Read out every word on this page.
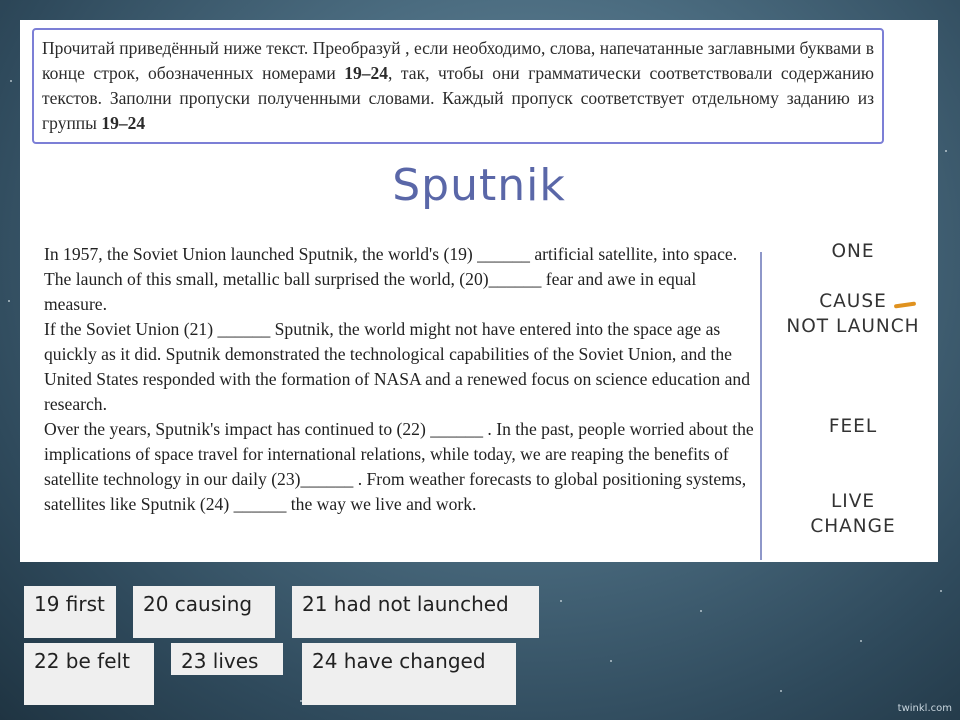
Прочитай приведённый ниже текст. Преобразуй , если необходимо, слова, напечатанные заглавными буквами в конце строк, обозначенных номерами 19–24, так, чтобы они грамматически соответствовали содержанию текстов. Заполни пропуски полученными словами. Каждый пропуск соответствует отдельному заданию из группы 19–24
Sputnik

In 1957, the Soviet Union launched Sputnik, the world's (19) ______ artificial satellite, into space. The launch of this small, metallic ball surprised the world, (20)______ fear and awe in equal measure.

If the Soviet Union (21) ______ Sputnik, the world might not have entered into the space age as quickly as it did. Sputnik demonstrated the technological capabilities of the Soviet Union, and the United States responded with the formation of NASA and a renewed focus on science education and research.

Over the years, Sputnik's impact has continued to (22) ______ . In the past, people worried about the implications of space travel for international relations, while today, we are reaping the benefits of satellite technology in our daily (23)______ . From weather forecasts to global positioning systems, satellites like Sputnik (24) ______ the way we live and work.

ONE
CAUSE
NOT LAUNCH
FEEL
LIVE
CHANGE
19 first	20 causing	21 had not launched
22 be felt	23 lives	24 have changed
twinkl.com
